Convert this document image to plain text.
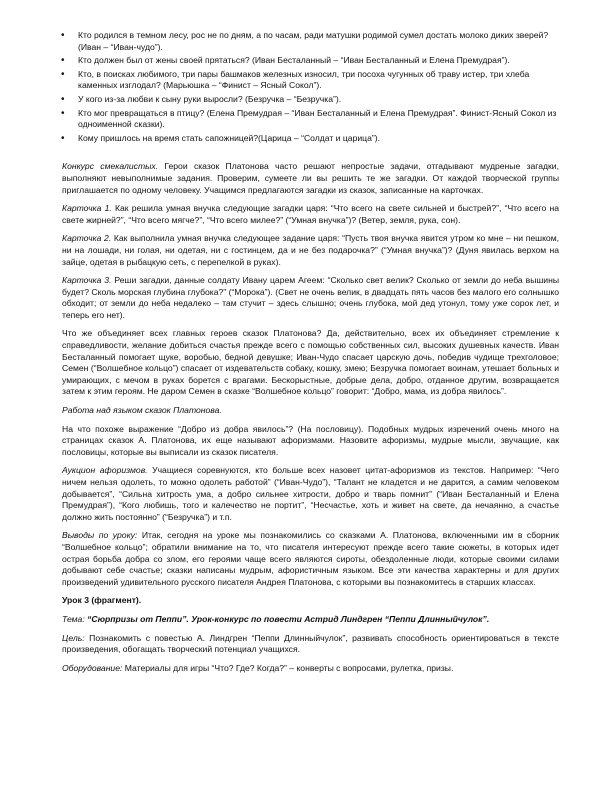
• Кто родился в темном лесу, рос не по дням, а по часам, ради матушки родимой сумел достать молоко диких зверей? (Иван – “Иван-чудо”).
• Кто должен был от жены своей прятаться? (Иван Бесталанный – “Иван Бесталанный и Елена Премудрая”).
• Кто, в поисках любимого, три пары башмаков железных износил, три посоха чугунных об траву истер, три хлеба каменных изглодал? (Марьюшка – “Финист – Ясный Сокол”).
• У кого из-за любви к сыну руки выросли? (Безручка – “Безручка”).
• Кто мог превращаться в птицу? (Елена Премудрая – “Иван Бесталанный и Елена Премудрая”. Финист-Ясный Сокол из одноименной сказки).
• Кому пришлось на время стать сапожницей?(Царица – “Солдат и царица”).

Конкурс смекалистых. Герои сказок Платонова часто решают непростые задачи, отгадывают мудреные загадки, выполняют невыполнимые задания. Проверим, сумеете ли вы решить те же загадки. От каждой творческой группы приглашается по одному человеку. Учащимся предлагаются загадки из сказок, записанные на карточках.

Карточка 1. Как решила умная внучка следующие загадки царя: “Что всего на свете сильней и быстрей?”, “Что всего на свете жирней?”, “Что всего мягче?”, “Что всего милее?” (“Умная внучка”)? (Ветер, земля, рука, сон).

Карточка 2. Как выполнила умная внучка следующее задание царя: “Пусть твоя внучка явится утром ко мне – ни пешком, ни на лошади, ни голая, ни одетая, ни с гостинцем, да и не без подарочка?” (“Умная внучка”)? (Дуня явилась верхом на зайце, одетая в рыбацкую сеть, с перепелкой в руках).

Карточка 3. Реши загадки, данные солдату Ивану царем Агеем: “Сколько свет велик? Сколько от земли до неба вышины будет? Сколь морская глубина глубока?” (“Морока”). (Свет не очень велик, в двадцать пять часов без малого его солнышко обходит; от земли до неба недалеко – там стучит – здесь слышно; очень глубока, мой дед утонул, тому уже сорок лет, и теперь его нет).

Что же объединяет всех главных героев сказок Платонова? Да, действительно, всех их объединяет стремление к справедливости, желание добиться счастья прежде всего с помощью собственных сил, высоких душевных качеств. Иван Бесталанный помогает щуке, воробью, бедной девушке; Иван-Чудо спасает царскую дочь, победив чудище трехголовое; Семен (“Волшебное кольцо”) спасает от издевательств собаку, кошку, змею; Безручка помогает воинам, утешает больных и умирающих, с мечом в руках борется с врагами. Бескорыстные, добрые дела, добро, отданное другим, возвращается затем к этим героям. Не даром Семен в сказке “Волшебное кольцо” говорит: “Добро, мама, из добра явилось”.

Работа над языком сказок Платонова.

На что похоже выражение “Добро из добра явилось”? (На пословицу). Подобных мудрых изречений очень много на страницах сказок А. Платонова, их еще называют афоризмами. Назовите афоризмы, мудрые мысли, звучащие, как пословицы, которые вы выписали из сказок писателя.

Аукцион афоризмов. Учащиеся соревнуются, кто больше всех назовет цитат-афоризмов из текстов. Например: “Чего ничем нельзя одолеть, то можно одолеть работой” (“Иван-Чудо”), “Талант не кладется и не дарится, а самим человеком добывается”, “Сильна хитрость ума, а добро сильнее хитрости, добро и тварь помнит” (“Иван Бесталанный и Елена Премудрая”), “Кого любишь, того и калечество не портит”, “Несчастье, хоть и живет на свете, да нечаянно, а счастье должно жить постоянно” (“Безручка”) и т.п.

Выводы по уроку: Итак, сегодня на уроке мы познакомились со сказками А. Платонова, включенными им в сборник “Волшебное кольцо”; обратили внимание на то, что писателя интересуют прежде всего такие сюжеты, в которых идет острая борьба добра со злом, его героями чаще всего являются сироты, обездоленные люди, которые своими силами добывают себе счастье; сказки написаны мудрым, афористичным языком. Все эти качества характерны и для других произведений удивительного русского писателя Андрея Платонова, с которыми вы познакомитесь в старших классах.

Урок 3 (фрагмент).

Тема: “Сюрпризы от Пеппи”. Урок-конкурс по повести Астрид Линдгрен “Пеппи Длинныйчулок”.

Цель: Познакомить с повестью А. Линдгрен “Пеппи Длинныйчулок”, развивать способность ориентироваться в тексте произведения, обогащать творческий потенциал учащихся.

Оборудование: Материалы для игры “Что? Где? Когда?” – конверты с вопросами, рулетка, призы.
